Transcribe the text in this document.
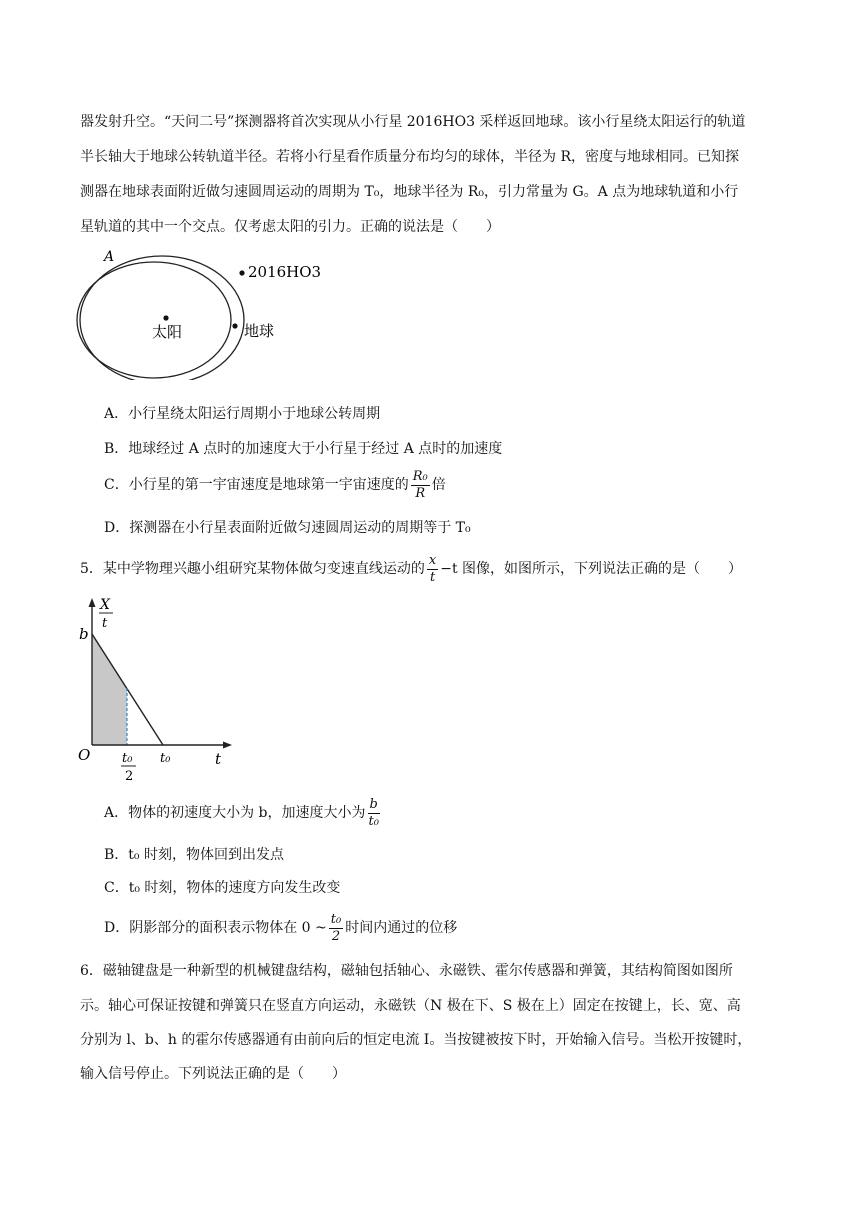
器发射升空。“天问二号”探测器将首次实现从小行星 2016HO3 采样返回地球。该小行星绕太阳运行的轨道
半长轴大于地球公转轨道半径。若将小行星看作质量分布均匀的球体，半径为 R，密度与地球相同。已知探
测器在地球表面附近做匀速圆周运动的周期为 T₀，地球半径为 R₀，引力常量为 G。A 点为地球轨道和小行
星轨道的其中一个交点。仅考虑太阳的引力。正确的说法是（　　）
A
2016HO3
太阳	地球
A．小行星绕太阳运行周期小于地球公转周期
B．地球经过 A 点时的加速度大于小行星于经过 A 点时的加速度
C．小行星的第一宇宙速度是地球第一宇宙速度的 $\frac{\text{R₀}}{R}$ 倍
D．探测器在小行星表面附近做匀速圆周运动的周期等于 T₀
5．某中学物理兴趣小组研究某物体做匀变速直线运动的 $\frac{x}{t} -t$ 图像，如图所示，下列说法正确的是（　　）
X
t
b
O t₀
2
t₀	t
A．物体的初速度大小为 b，加速度大小为 $\frac{b}{\text{t₀}}$
B．t₀ 时刻，物体回到出发点
C．t₀ 时刻，物体的速度方向发生改变
D．阴影部分的面积表示物体在 0 ~ $\frac{\text{t₀}}{2}$ 时间内通过的位移
6．磁轴键盘是一种新型的机械键盘结构，磁轴包括轴心、永磁铁、霍尔传感器和弹簧，其结构简图如图所
示。轴心可保证按键和弹簧只在竖直方向运动，永磁铁（N 极在下、S 极在上）固定在按键上，长、宽、高
分别为 l、b、h 的霍尔传感器通有由前向后的恒定电流 I。当按键被按下时，开始输入信号。当松开按键时，
输入信号停止。下列说法正确的是（　　）
